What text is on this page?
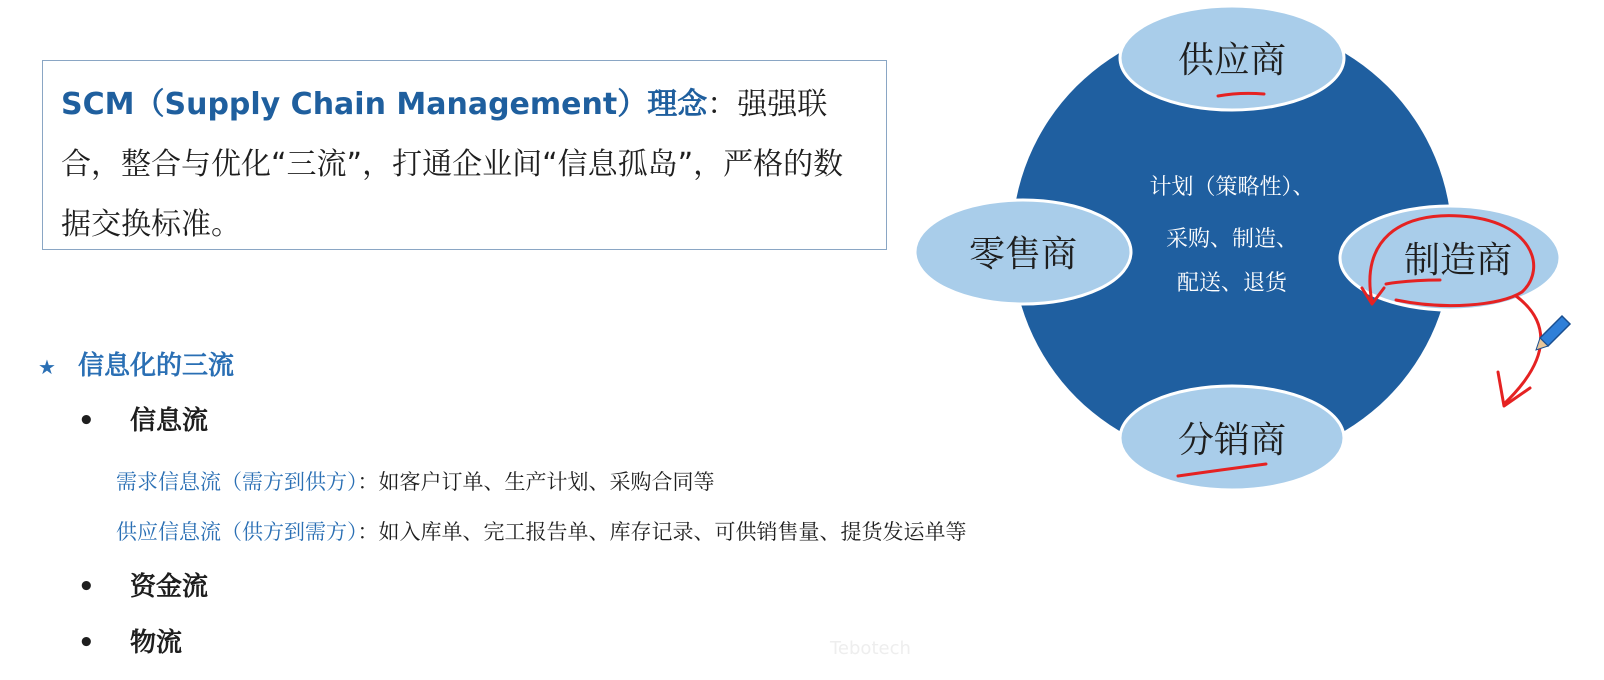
SCM（Supply Chain Management）理念：强强联合，整合与优化“三流”，打通企业间“信息孤岛”，严格的数据交换标准。
★ 信息化的三流
• 信息流
需求信息流（需方到供方）：如客户订单、生产计划、采购合同等
供应信息流（供方到需方）：如入库单、完工报告单、库存记录、可供销售量、提货发运单等
• 资金流
• 物流
计划（策略性）、
采购、制造、
配送、退货
供应商
零售商	制造商
分销商
Tebotech
